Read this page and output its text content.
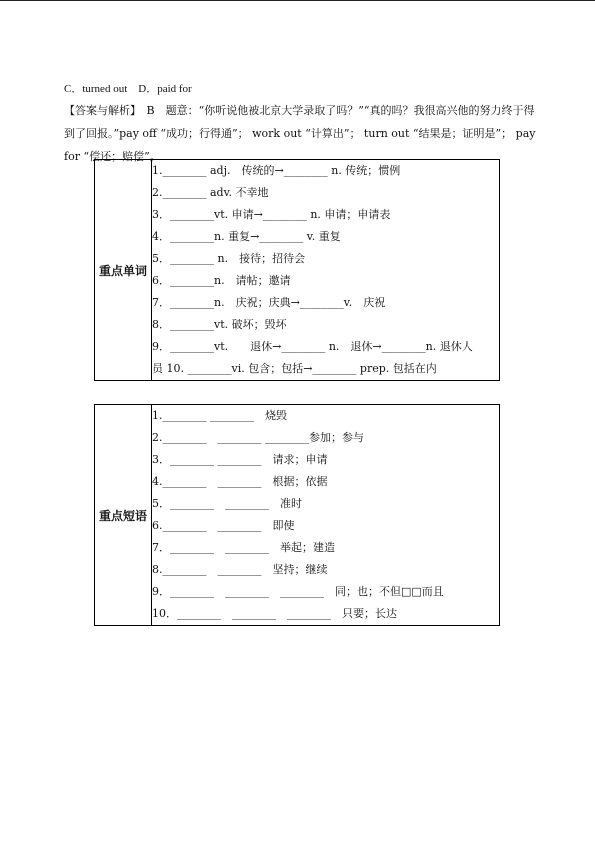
C．turned out　D．paid for
【答案与解析】　B　题意：“你听说他被北京大学录取了吗？”“真的吗？我很高兴他的努力终于得到了回报。”pay off “成功；行得通”； work out “计算出”； turn out “结果是；证明是”； pay for “偿还；赔偿”。
重点单词	
1.________ adj.　传统的→________ n. 传统；惯例
2.________ adv. 不幸地
3．________vt. 申请→________ n. 申请；申请表
4．________n. 重复→________ v. 重复
5．________ n.　接待；招待会
6．________n.　请帖；邀请
7．________n.　庆祝；庆典→________v.　庆祝
8．________vt. 破坏；毁坏
9．________vt.　　退休→________ n.　退休→________n. 退休人
员 10. ________vi. 包含；包括→________ prep. 包括在内
重点短语	
1.________ ________　烧毁
2.________　________ ________参加；参与
3．________ ________　请求；申请
4.________　________　根据；依据
5．________　________　准时
6.________　________　即使
7．________　________　举起；建造
8.________　________　坚持；继续
9．________　________　________　同；也；不但□□而且
10．________　________　________　只要；长达
